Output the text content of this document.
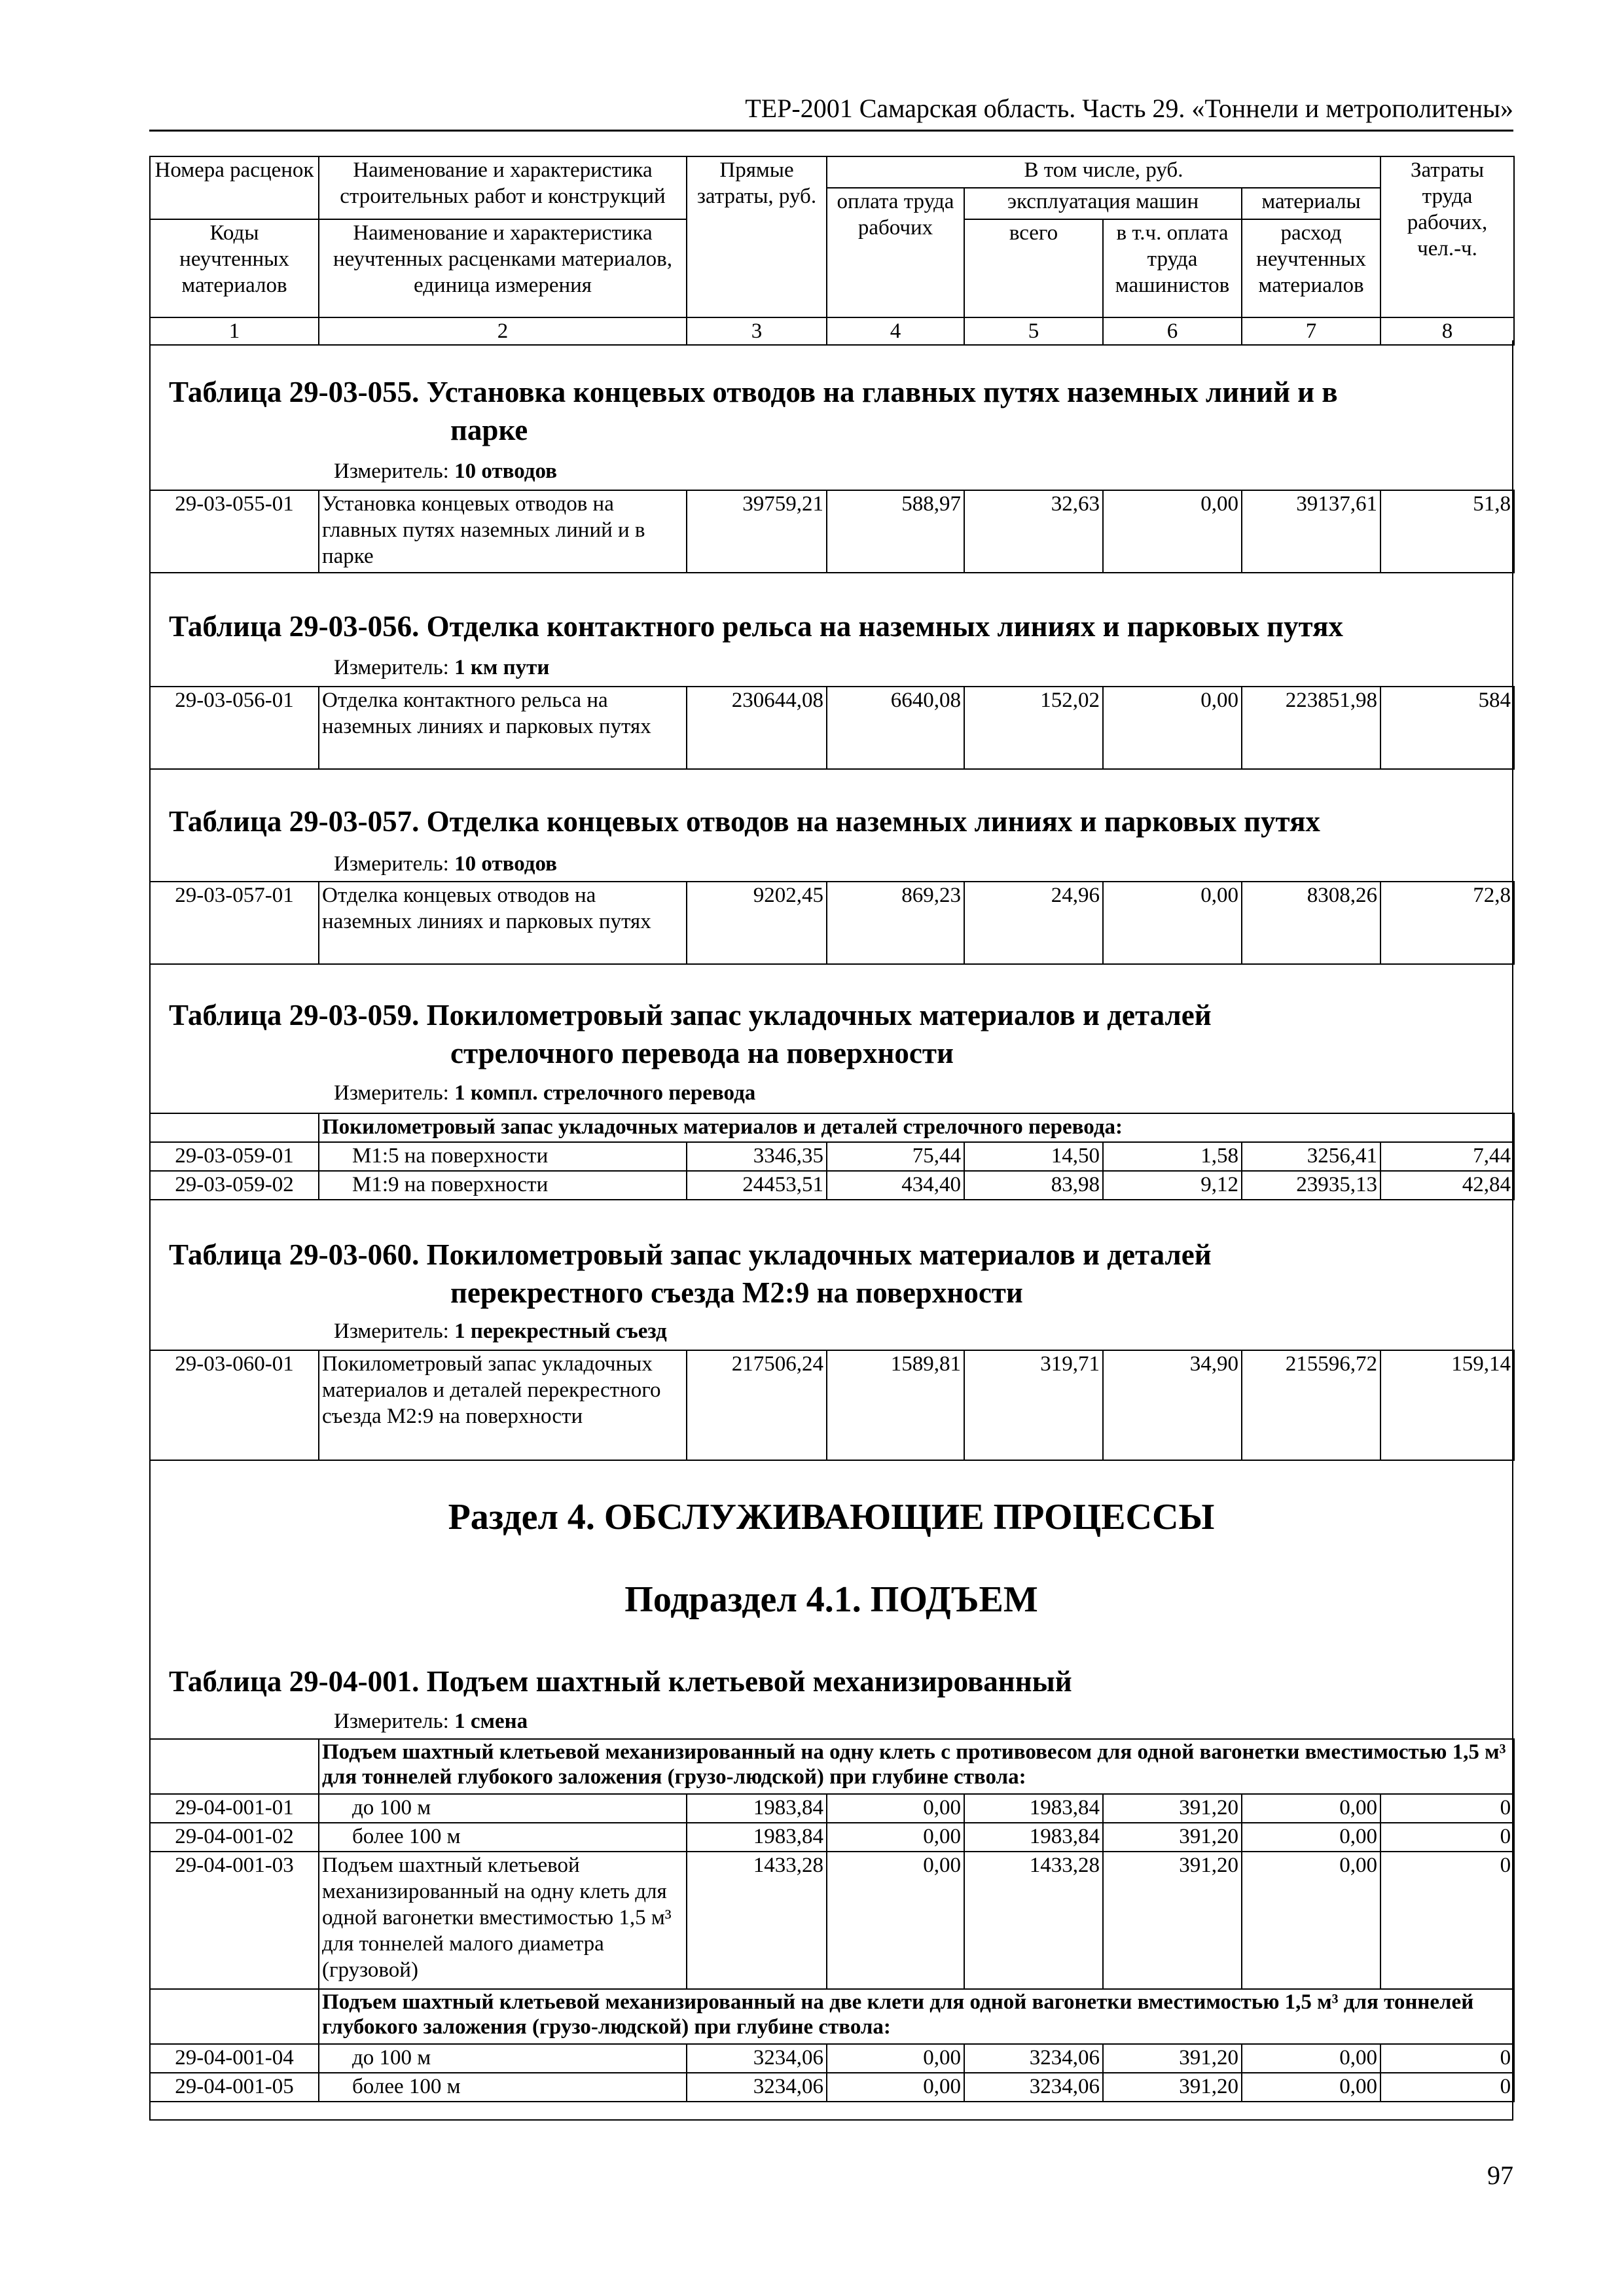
ТЕР-2001 Самарская область. Часть 29. «Тоннели и метрополитены»
Номера расценок	Наименование и характеристика строительных работ и конструкций	Прямые затраты, руб.	В том числе, руб.				Затраты труда рабочих, чел.-ч.
			оплата труда рабочих	эксплуатация машин		материалы	
Коды неучтенных материалов	Наименование и характеристика неучтенных расценками материалов, единица измерения			всего	в т.ч. оплата труда машинистов	расход неучтенных материалов	
1	2	3	4	5	6	7	8
Таблица 29-03-055. Установка концевых отводов на главных путях наземных линий и в
парке
Измеритель: 10 отводов
29-03-055-01	Установка концевых отводов на главных путях наземных линий и в парке	39759,21	588,97	32,63	0,00	39137,61	51,8
Таблица 29-03-056. Отделка контактного рельса на наземных линиях и парковых путях
Измеритель: 1 км пути
29-03-056-01	Отделка контактного рельса на наземных линиях и парковых путях	230644,08	6640,08	152,02	0,00	223851,98	584
Таблица 29-03-057. Отделка концевых отводов на наземных линиях и парковых путях
Измеритель: 10 отводов
29-03-057-01	Отделка концевых отводов на наземных линиях и парковых путях	9202,45	869,23	24,96	0,00	8308,26	72,8
Таблица 29-03-059. Покилометровый запас укладочных материалов и деталей
стрелочного перевода на поверхности
Измеритель: 1 компл. стрелочного перевода
	Покилометровый запас укладочных материалов и деталей стрелочного перевода:						
29-03-059-01	М1:5 на поверхности	3346,35	75,44	14,50	1,58	3256,41	7,44
29-03-059-02	М1:9 на поверхности	24453,51	434,40	83,98	9,12	23935,13	42,84
Таблица 29-03-060. Покилометровый запас укладочных материалов и деталей
перекрестного съезда М2:9 на поверхности
Измеритель: 1 перекрестный съезд
29-03-060-01	Покилометровый запас укладочных материалов и деталей перекрестного съезда М2:9 на поверхности	217506,24	1589,81	319,71	34,90	215596,72	159,14
Раздел 4. ОБСЛУЖИВАЮЩИЕ ПРОЦЕССЫ
Подраздел 4.1. ПОДЪЕМ
Таблица 29-04-001. Подъем шахтный клетьевой механизированный
Измеритель: 1 смена
	Подъем шахтный клетьевой механизированный на одну клеть с противовесом для одной вагонетки вместимостью 1,5 м³ для тоннелей глубокого заложения (грузо-людской) при глубине ствола:						
29-04-001-01	до 100 м	1983,84	0,00	1983,84	391,20	0,00	0
29-04-001-02	более 100 м	1983,84	0,00	1983,84	391,20	0,00	0
29-04-001-03	Подъем шахтный клетьевой механизированный на одну клеть для одной вагонетки вместимостью 1,5 м³ для тоннелей малого диаметра (грузовой)	1433,28	0,00	1433,28	391,20	0,00	0
	Подъем шахтный клетьевой механизированный на две клети для одной вагонетки вместимостью 1,5 м³ для тоннелей глубокого заложения (грузо-людской) при глубине ствола:						
29-04-001-04	до 100 м	3234,06	0,00	3234,06	391,20	0,00	0
29-04-001-05	более 100 м	3234,06	0,00	3234,06	391,20	0,00	0
97
